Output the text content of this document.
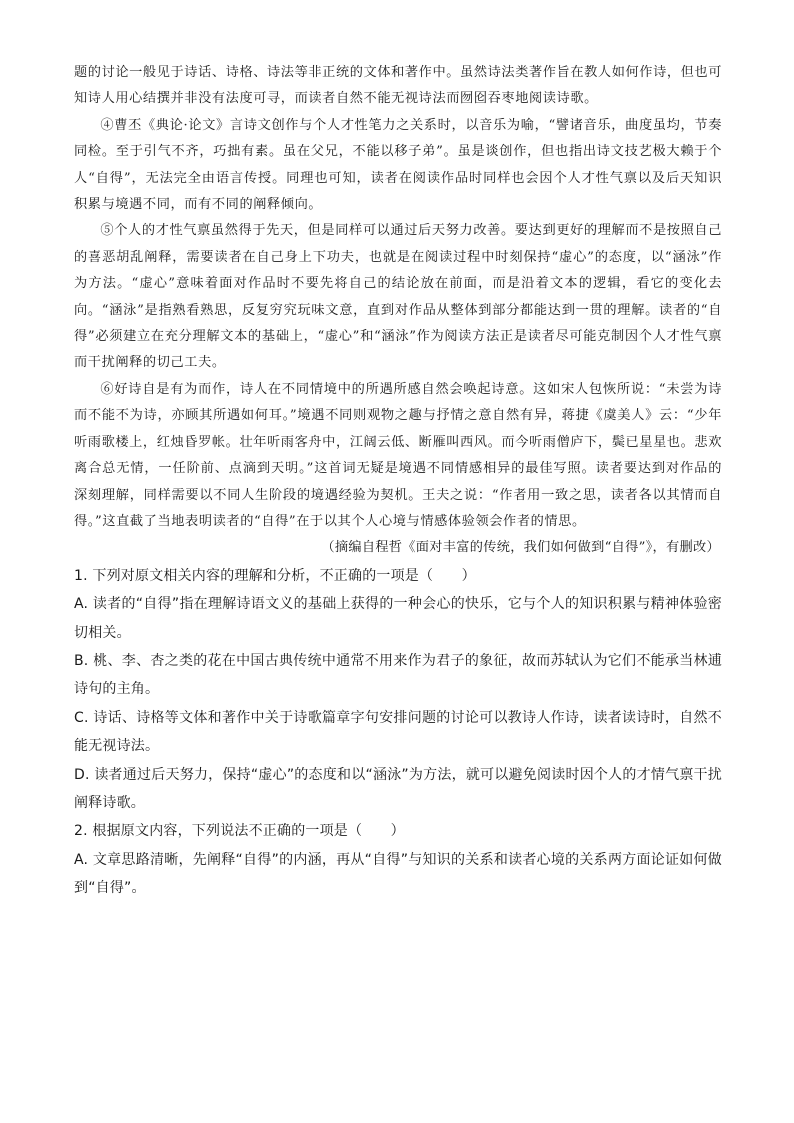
题的讨论一般见于诗话、诗格、诗法等非正统的文体和著作中。虽然诗法类著作旨在教人如何作诗，但也可知诗人用心结撰并非没有法度可寻，而读者自然不能无视诗法而囫囵吞枣地阅读诗歌。

④曹丕《典论·论文》言诗文创作与个人才性笔力之关系时，以音乐为喻，“譬诸音乐，曲度虽均，节奏同检。至于引气不齐，巧拙有素。虽在父兄，不能以移子弟”。虽是谈创作，但也指出诗文技艺极大赖于个人“自得”，无法完全由语言传授。同理也可知，读者在阅读作品时同样也会因个人才性气禀以及后天知识积累与境遇不同，而有不同的阐释倾向。

⑤个人的才性气禀虽然得于先天，但是同样可以通过后天努力改善。要达到更好的理解而不是按照自己的喜恶胡乱阐释，需要读者在自己身上下功夫，也就是在阅读过程中时刻保持“虚心”的态度，以“涵泳”作为方法。“虚心”意味着面对作品时不要先将自己的结论放在前面，而是沿着文本的逻辑，看它的变化去向。“涵泳”是指熟看熟思，反复穷究玩味文意，直到对作品从整体到部分都能达到一贯的理解。读者的“自得”必须建立在充分理解文本的基础上，“虚心”和“涵泳”作为阅读方法正是读者尽可能克制因个人才性气禀而干扰阐释的切己工夫。

⑥好诗自是有为而作，诗人在不同情境中的所遇所感自然会唤起诗意。这如宋人包恢所说：“未尝为诗而不能不为诗，亦顾其所遇如何耳。”境遇不同则观物之趣与抒情之意自然有异，蒋捷《虞美人》云：“少年听雨歌楼上，红烛昏罗帐。壮年听雨客舟中，江阔云低、断雁叫西风。而今听雨僧庐下，鬓已星星也。悲欢离合总无情，一任阶前、点滴到天明。”这首词无疑是境遇不同情感相异的最佳写照。读者要达到对作品的深刻理解，同样需要以不同人生阶段的境遇经验为契机。王夫之说：“作者用一致之思，读者各以其情而自得。”这直截了当地表明读者的“自得”在于以其个人心境与情感体验领会作者的情思。

（摘编自程哲《面对丰富的传统，我们如何做到“自得”》，有删改）

1. 下列对原文相关内容的理解和分析，不正确的一项是（　　）

A. 读者的“自得”指在理解诗语文义的基础上获得的一种会心的快乐，它与个人的知识积累与精神体验密切相关。

B. 桃、李、杏之类的花在中国古典传统中通常不用来作为君子的象征，故而苏轼认为它们不能承当林逋诗句的主角。

C. 诗话、诗格等文体和著作中关于诗歌篇章字句安排问题的讨论可以教诗人作诗，读者读诗时，自然不能无视诗法。

D. 读者通过后天努力，保持“虚心”的态度和以“涵泳”为方法，就可以避免阅读时因个人的才情气禀干扰阐释诗歌。

2. 根据原文内容，下列说法不正确的一项是（　　）

A. 文章思路清晰，先阐释“自得”的内涵，再从“自得”与知识的关系和读者心境的关系两方面论证如何做到“自得”。
